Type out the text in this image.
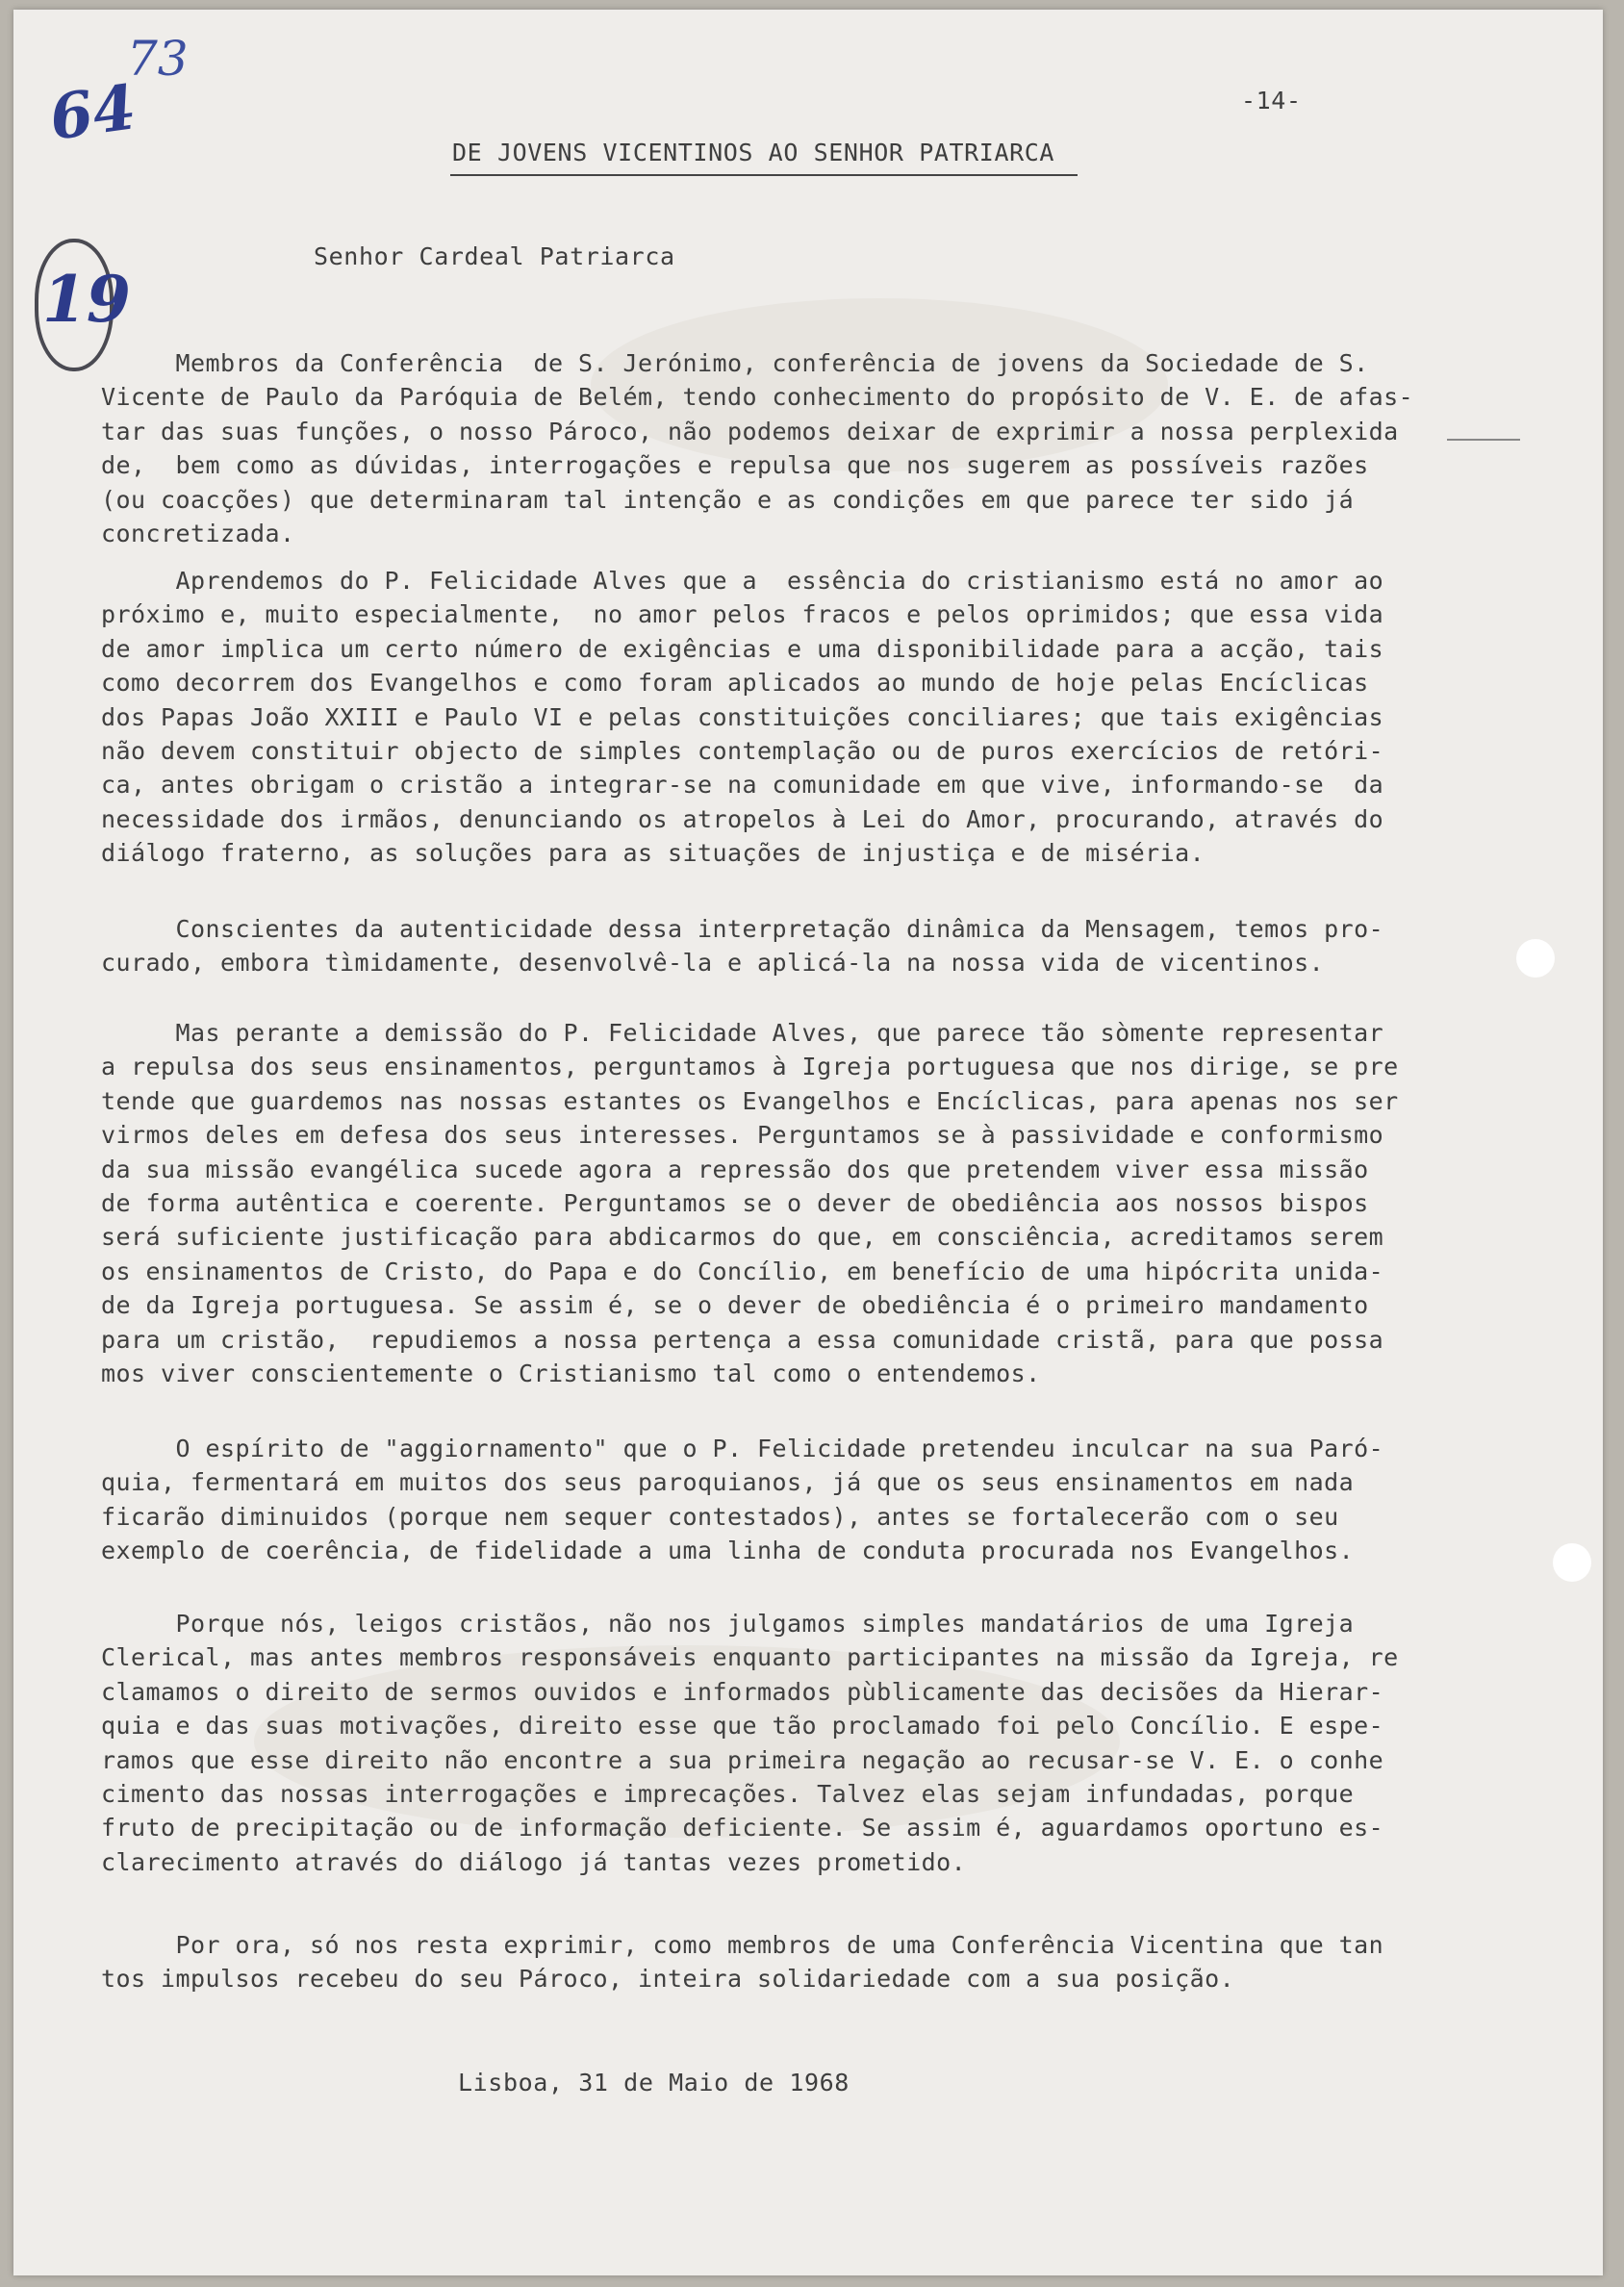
73
64
19
-14-
DE JOVENS VICENTINOS AO SENHOR PATRIARCA
Senhor Cardeal Patriarca
Membros da Conferência  de S. Jerónimo, conferência de jovens da Sociedade de S.
Vicente de Paulo da Paróquia de Belém, tendo conhecimento do propósito de V. E. de afas-
tar das suas funções, o nosso Pároco, não podemos deixar de exprimir a nossa perplexida
de,  bem como as dúvidas, interrogações e repulsa que nos sugerem as possíveis razões
(ou coacções) que determinaram tal intenção e as condições em que parece ter sido já
concretizada.
Aprendemos do P. Felicidade Alves que a  essência do cristianismo está no amor ao
próximo e, muito especialmente,  no amor pelos fracos e pelos oprimidos; que essa vida
de amor implica um certo número de exigências e uma disponibilidade para a acção, tais
como decorrem dos Evangelhos e como foram aplicados ao mundo de hoje pelas Encíclicas
dos Papas João XXIII e Paulo VI e pelas constituições conciliares; que tais exigências
não devem constituir objecto de simples contemplação ou de puros exercícios de retóri-
ca, antes obrigam o cristão a integrar-se na comunidade em que vive, informando-se  da
necessidade dos irmãos, denunciando os atropelos à Lei do Amor, procurando, através do
diálogo fraterno, as soluções para as situações de injustiça e de miséria.
Conscientes da autenticidade dessa interpretação dinâmica da Mensagem, temos pro-
curado, embora tìmidamente, desenvolvê-la e aplicá-la na nossa vida de vicentinos.
Mas perante a demissão do P. Felicidade Alves, que parece tão sòmente representar
a repulsa dos seus ensinamentos, perguntamos à Igreja portuguesa que nos dirige, se pre
tende que guardemos nas nossas estantes os Evangelhos e Encíclicas, para apenas nos ser
virmos deles em defesa dos seus interesses. Perguntamos se à passividade e conformismo
da sua missão evangélica sucede agora a repressão dos que pretendem viver essa missão
de forma autêntica e coerente. Perguntamos se o dever de obediência aos nossos bispos
será suficiente justificação para abdicarmos do que, em consciência, acreditamos serem
os ensinamentos de Cristo, do Papa e do Concílio, em benefício de uma hipócrita unida-
de da Igreja portuguesa. Se assim é, se o dever de obediência é o primeiro mandamento
para um cristão,  repudiemos a nossa pertença a essa comunidade cristã, para que possa
mos viver conscientemente o Cristianismo tal como o entendemos.
O espírito de "aggiornamento" que o P. Felicidade pretendeu inculcar na sua Paró-
quia, fermentará em muitos dos seus paroquianos, já que os seus ensinamentos em nada
ficarão diminuidos (porque nem sequer contestados), antes se fortalecerão com o seu
exemplo de coerência, de fidelidade a uma linha de conduta procurada nos Evangelhos.
Porque nós, leigos cristãos, não nos julgamos simples mandatários de uma Igreja
Clerical, mas antes membros responsáveis enquanto participantes na missão da Igreja, re
clamamos o direito de sermos ouvidos e informados pùblicamente das decisões da Hierar-
quia e das suas motivações, direito esse que tão proclamado foi pelo Concílio. E espe-
ramos que esse direito não encontre a sua primeira negação ao recusar-se V. E. o conhe
cimento das nossas interrogações e imprecações. Talvez elas sejam infundadas, porque
fruto de precipitação ou de informação deficiente. Se assim é, aguardamos oportuno es-
clarecimento através do diálogo já tantas vezes prometido.
Por ora, só nos resta exprimir, como membros de uma Conferência Vicentina que tan
tos impulsos recebeu do seu Pároco, inteira solidariedade com a sua posição.
Lisboa, 31 de Maio de 1968
